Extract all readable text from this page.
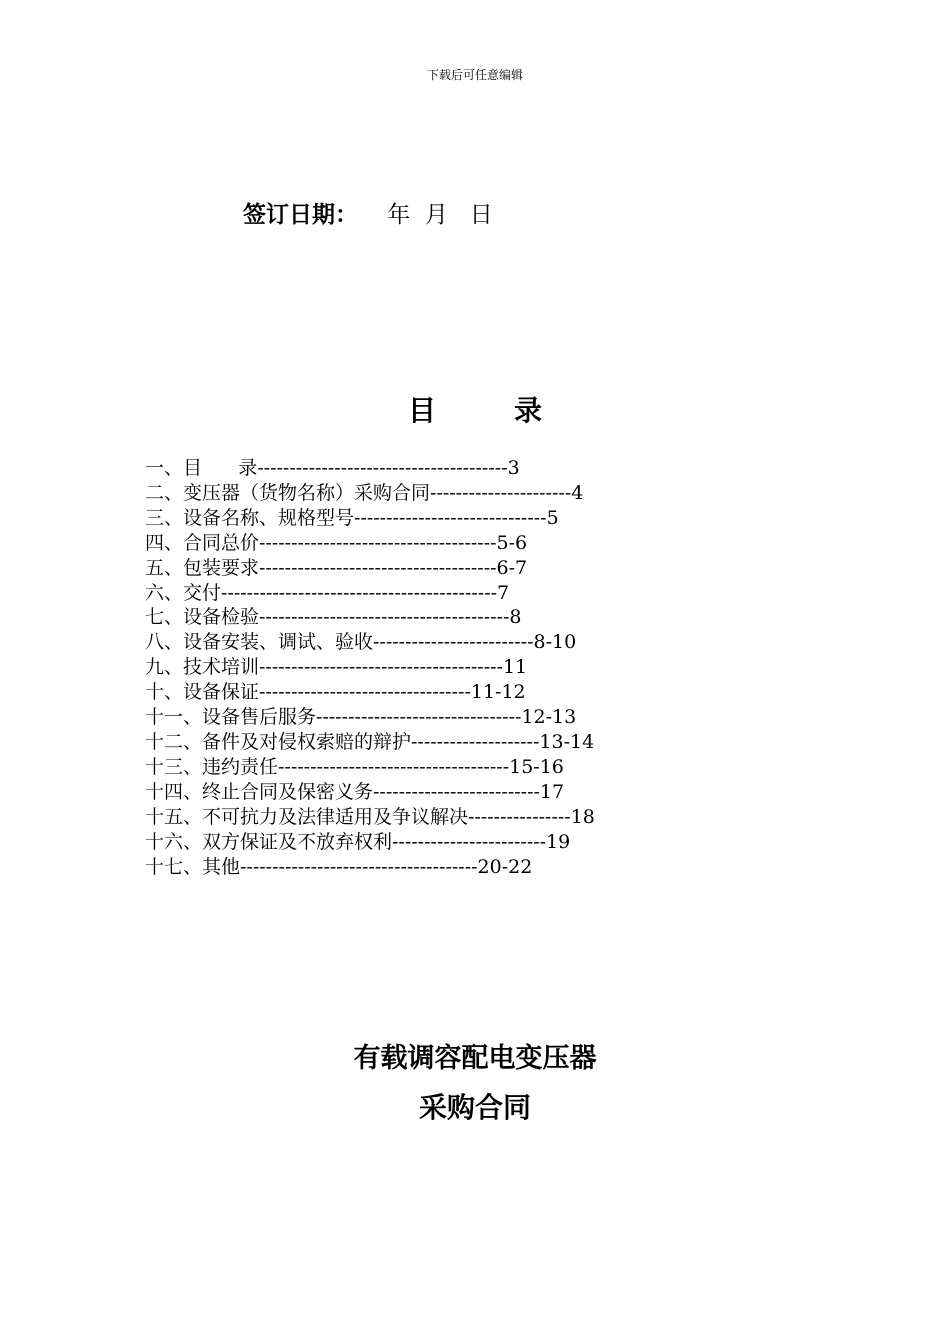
下载后可任意编辑
签订日期：    年  月   日
目        录
一、目      录---------------------------------------3
二、变压器（货物名称）采购合同----------------------4
三、设备名称、规格型号------------------------------5
四、合同总价-------------------------------------5-6
五、包装要求-------------------------------------6-7
六、交付-------------------------------------------7
七、设备检验---------------------------------------8
八、设备安装、调试、验收-------------------------8-10
九、技术培训--------------------------------------11
十、设备保证---------------------------------11-12
十一、设备售后服务--------------------------------12-13
十二、备件及对侵权索赔的辩护--------------------13-14
十三、违约责任------------------------------------15-16
十四、终止合同及保密义务--------------------------17
十五、不可抗力及法律适用及争议解决----------------18
十六、双方保证及不放弃权利------------------------19
十七、其他-------------------------------------20-22
有载调容配电变压器
采购合同
